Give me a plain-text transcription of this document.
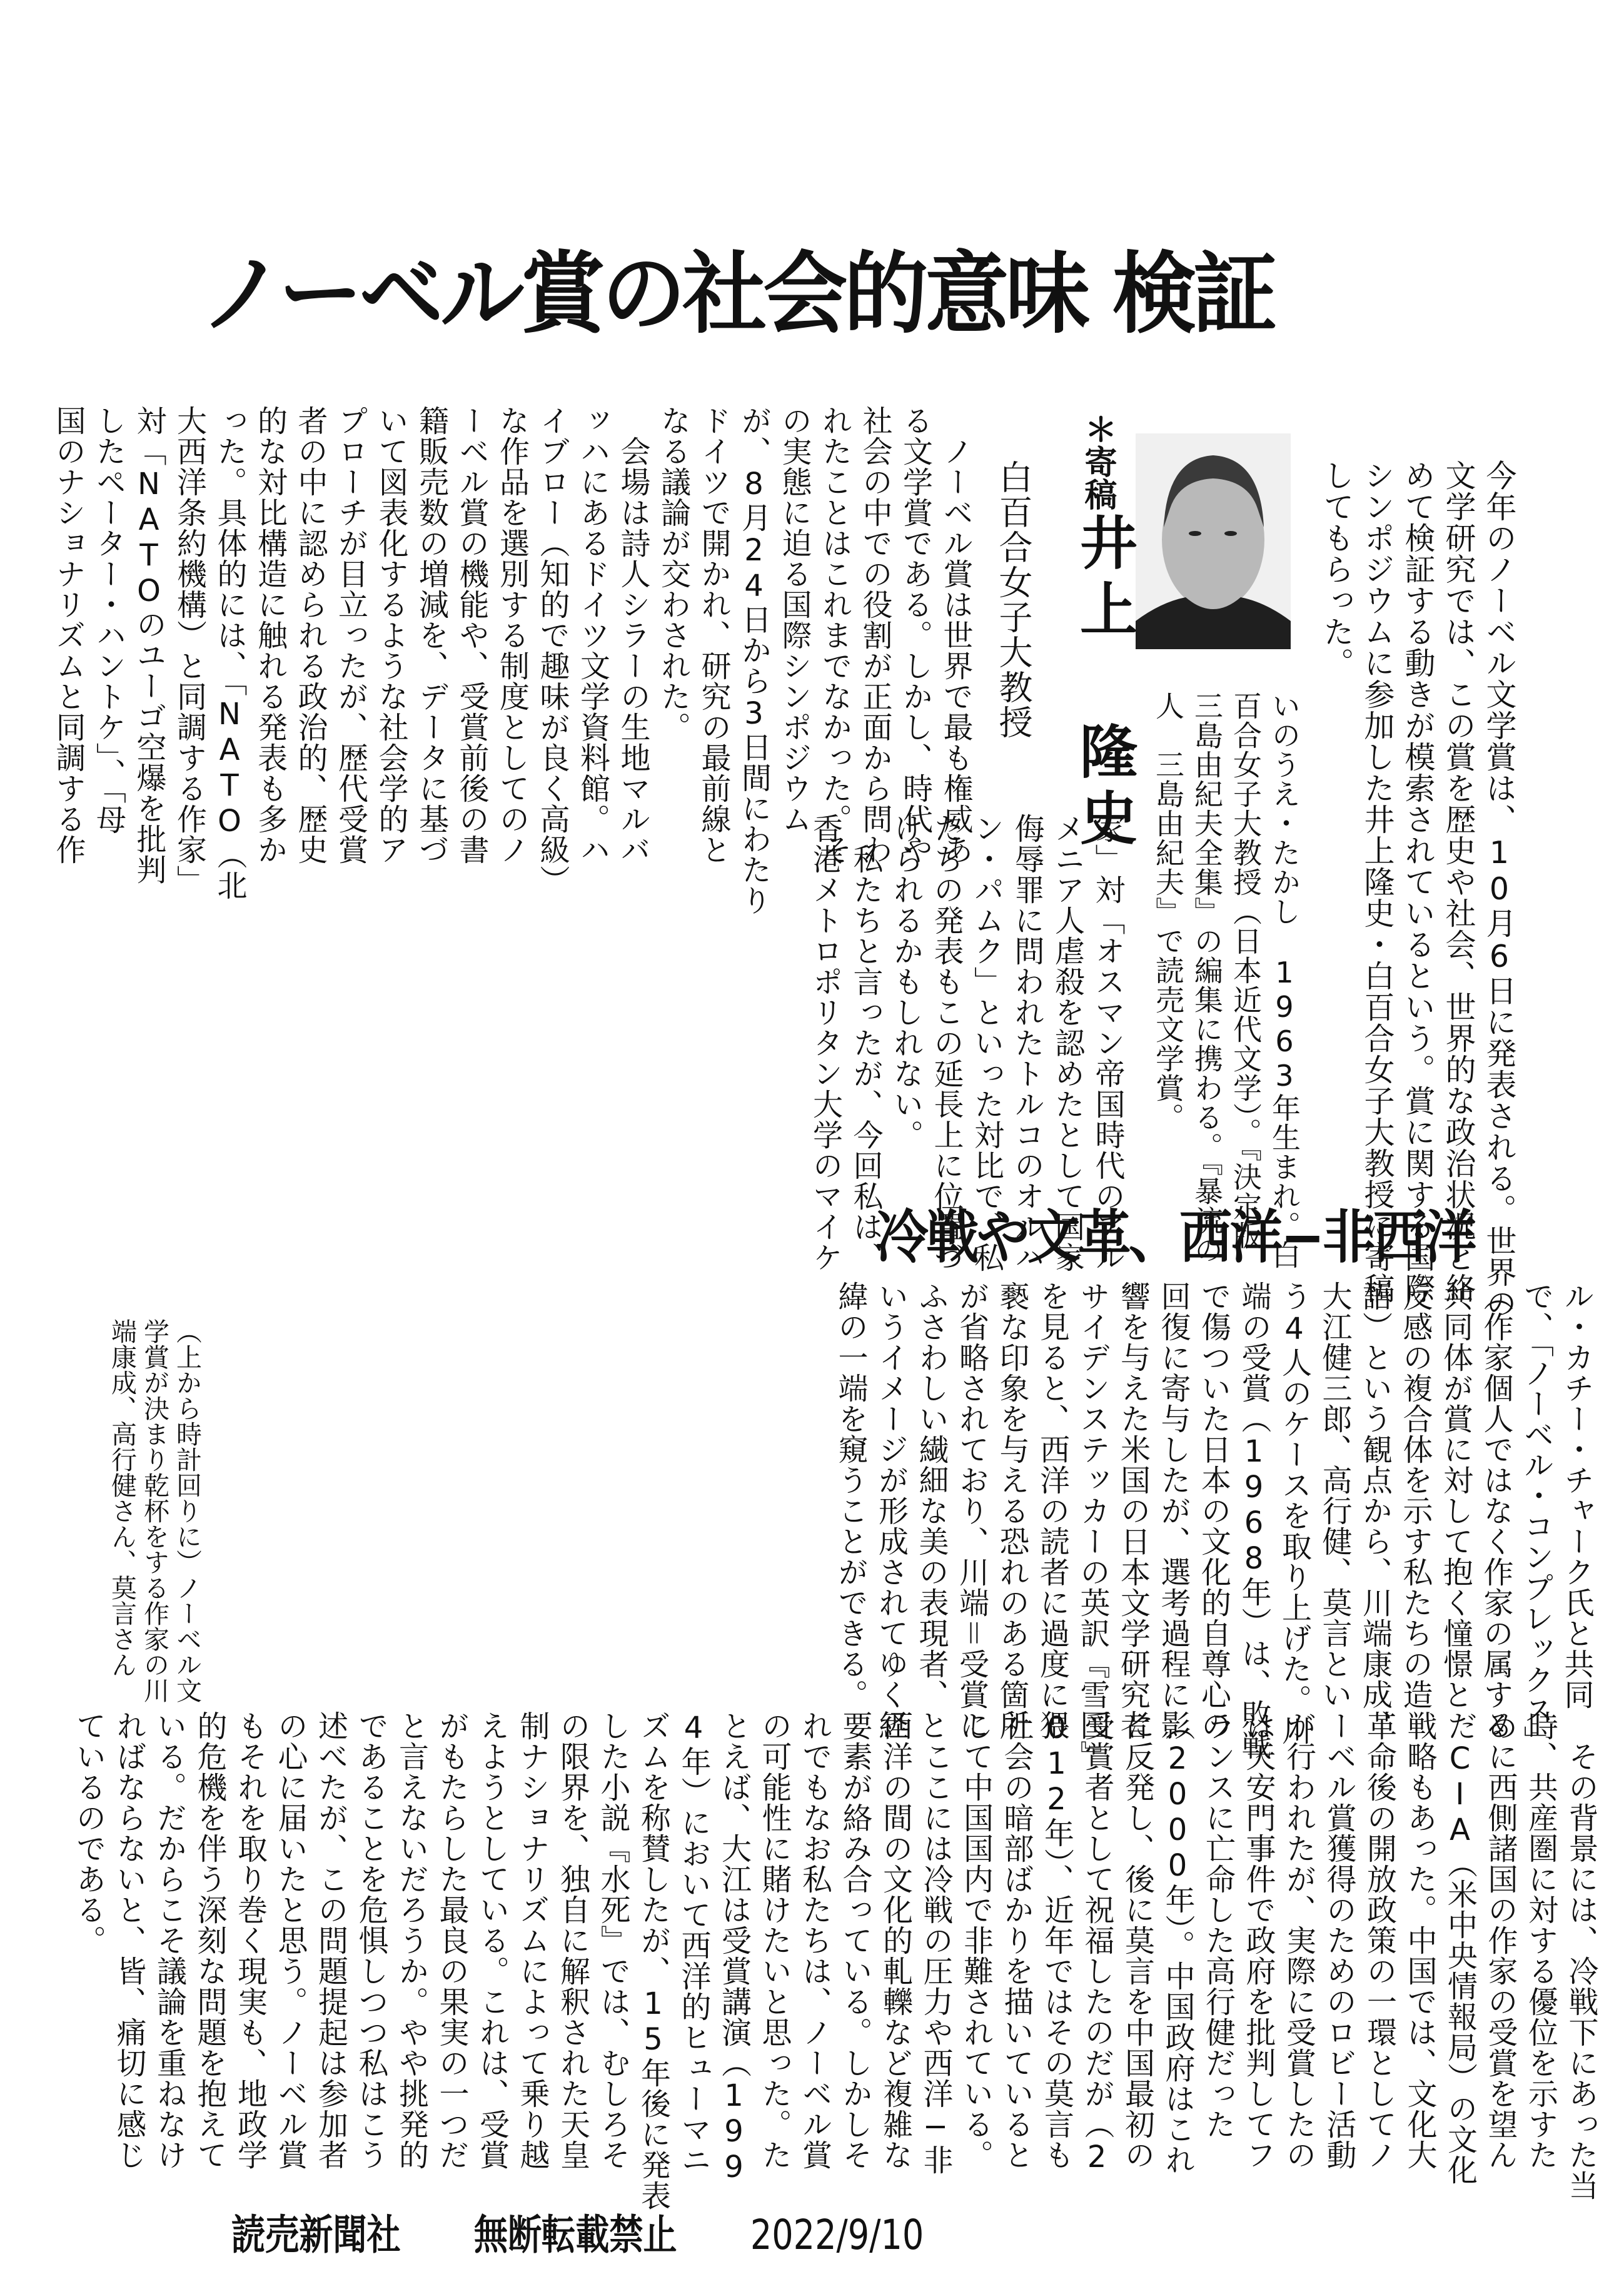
ノーベル賞の社会的意味 検証
今年のノーベル文学賞は、10月6日に発表される。世界の
文学研究では、この賞を歴史や社会、世界的な政治状況と絡
めて検証する動きが模索されているという。賞に関する国際
シンポジウムに参加した井上隆史・白百合女子大教授に寄稿
してもらった。
いのうえ・たかし　1963年生まれ。白
百合女子大教授（日本近代文学）。『決定版
三島由紀夫全集』の編集に携わる。『暴流の
人　三島由紀夫』で読売文学賞。
＊寄稿
井上 隆史
白百合女子大教授
　ノーベル賞は世界で最も権威あ
る文学賞である。しかし、時代や
社会の中での役割が正面から問わ
れたことはこれまでなかった。そ
の実態に迫る国際シンポジウム
が、8月24日から3日間にわたり
ドイツで開かれ、研究の最前線と
なる議論が交わされた。
　会場は詩人シラーの生地マルバ
ッハにあるドイツ文学資料館。ハ
イブロー（知的で趣味が良く高級）
な作品を選別する制度としてのノ
ーベル賞の機能や、受賞前後の書
籍販売数の増減を、データに基づ
いて図表化するような社会学的ア
プローチが目立ったが、歴代受賞
者の中に認められる政治的、歴史
的な対比構造に触れる発表も多か
った。具体的には、「NATO（北
大西洋条約機構）と同調する作家」
対「NATOのユーゴ空爆を批判
したペーター・ハントケ」、「母
国のナショナリズムと同調する作
家」対「オスマン帝国時代のアル
メニア人虐殺を認めたとして国家
侮辱罪に問われたトルコのオルハ
ン・パムク」といった対比で、私
たちの発表もこの延長上に位置づ
けられるかもしれない。
　私たちと言ったが、今回私は、
香港メトロポリタン大学のマイケ 冷戦や文革、西洋−非西洋
ル・カチー・チャーク氏と共同
で、「ノーベル・コンプレックス」
（作家個人ではなく作家の属する
共同体が賞に対して抱く憧憬と
反感の複合体を示す私たちの造
語）という観点から、川端康成、
大江健三郎、高行健、莫言とい
う4人のケースを取り上げた。川
端の受賞（1968年）は、敗戦
で傷ついた日本の文化的自尊心の
回復に寄与したが、選考過程に影
響を与えた米国の日本文学研究者
サイデンステッカーの英訳『雪国』
を見ると、西洋の読者に過度に猥
褻な印象を与える恐れのある箇所
が省略されており、川端＝受賞に
ふさわしい繊細な美の表現者、と
いうイメージが形成されてゆく経
緯の一端を窺うことができる。
　その背景には、冷戦下にあった当
時、共産圏に対する優位を示すた
めに西側諸国の作家の受賞を望ん
だCIA（米中央情報局）の文化
戦略もあった。中国では、文化大
革命後の開放政策の一環としてノ
ーベル賞獲得のためのロビー活動
が行われたが、実際に受賞したの
は天安門事件で政府を批判してフ
ランスに亡命した高行健だった
（2000年）。中国政府はこれ
に反発し、後に莫言を中国最初の
受賞者として祝福したのだが（2
012年）、近年ではその莫言も
社会の暗部ばかりを描いていると
して中国国内で非難されている。
　ここには冷戦の圧力や西洋−非
西洋の間の文化的軋轢など複雑な
要素が絡み合っている。しかしそ
れでもなお私たちは、ノーベル賞
の可能性に賭けたいと思った。た
とえば、大江は受賞講演（199
4年）において西洋的ヒューマニ
ズムを称賛したが、15年後に発表
した小説『水死』では、むしろそ
の限界を、独自に解釈された天皇
制ナショナリズムによって乗り越
えようとしている。これは、受賞
がもたらした最良の果実の一つだ
と言えないだろうか。やや挑発的
であることを危惧しつつ私はこう
述べたが、この問題提起は参加者
の心に届いたと思う。ノーベル賞
もそれを取り巻く現実も、地政学
的危機を伴う深刻な問題を抱えて
いる。だからこそ議論を重ねなけ
ればならないと、皆、痛切に感じ
ているのである。
（上から時計回りに）ノーベル文
学賞が決まり乾杯をする作家の川
端康成、高行健さん、莫言さん
読売新聞社 無断転載禁止 2022/9/10
